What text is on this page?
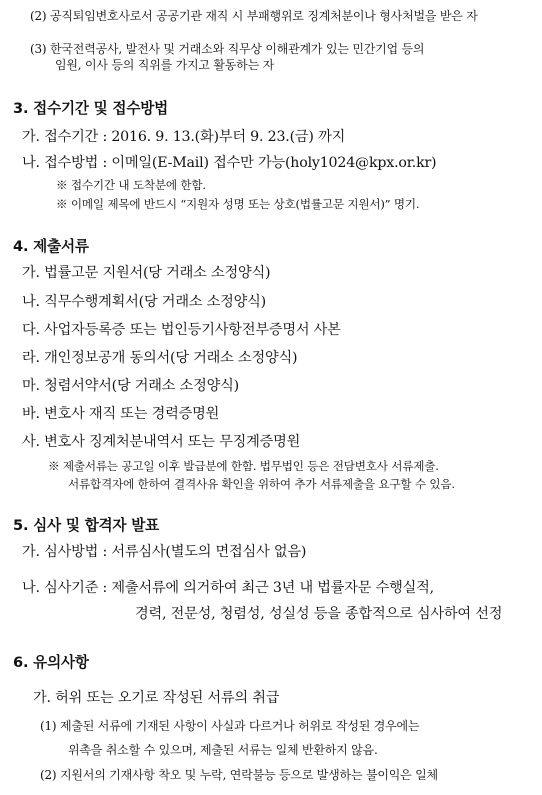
(2) 공직퇴임변호사로서 공공기관 재직 시 부패행위로 징계처분이나 형사처벌을 받은 자
(3) 한국전력공사, 발전사 및 거래소와 직무상 이해관계가 있는 민간기업 등의
임원, 이사 등의 직위를 가지고 활동하는 자
3. 접수기간 및 접수방법
가. 접수기간 : 2016. 9. 13.(화)부터 9. 23.(금) 까지
나. 접수방법 : 이메일(E-Mail) 접수만 가능(holy1024@kpx.or.kr)
※ 접수기간 내 도착분에 한함.
※ 이메일 제목에 반드시 “지원자 성명 또는 상호(법률고문 지원서)” 명기.
4. 제출서류
가. 법률고문 지원서(당 거래소 소정양식)
나. 직무수행계획서(당 거래소 소정양식)
다. 사업자등록증 또는 법인등기사항전부증명서 사본
라. 개인정보공개 동의서(당 거래소 소정양식)
마. 청렴서약서(당 거래소 소정양식)
바. 변호사 재직 또는 경력증명원
사. 변호사 징계처분내역서 또는 무징계증명원
※ 제출서류는 공고일 이후 발급분에 한함. 법무법인 등은 전담변호사 서류제출.
서류합격자에 한하여 결격사유 확인을 위하여 추가 서류제출을 요구할 수 있음.
5. 심사 및 합격자 발표
가. 심사방법 : 서류심사(별도의 면접심사 없음)
나. 심사기준 : 제출서류에 의거하여 최근 3년 내 법률자문 수행실적,
경력, 전문성, 청렴성, 성실성 등을 종합적으로 심사하여 선정
6. 유의사항
가. 허위 또는 오기로 작성된 서류의 취급
(1) 제출된 서류에 기재된 사항이 사실과 다르거나 허위로 작성된 경우에는
위촉을 취소할 수 있으며, 제출된 서류는 일체 반환하지 않음.
(2) 지원서의 기재사항 착오 및 누락, 연락불능 등으로 발생하는 불이익은 일체
